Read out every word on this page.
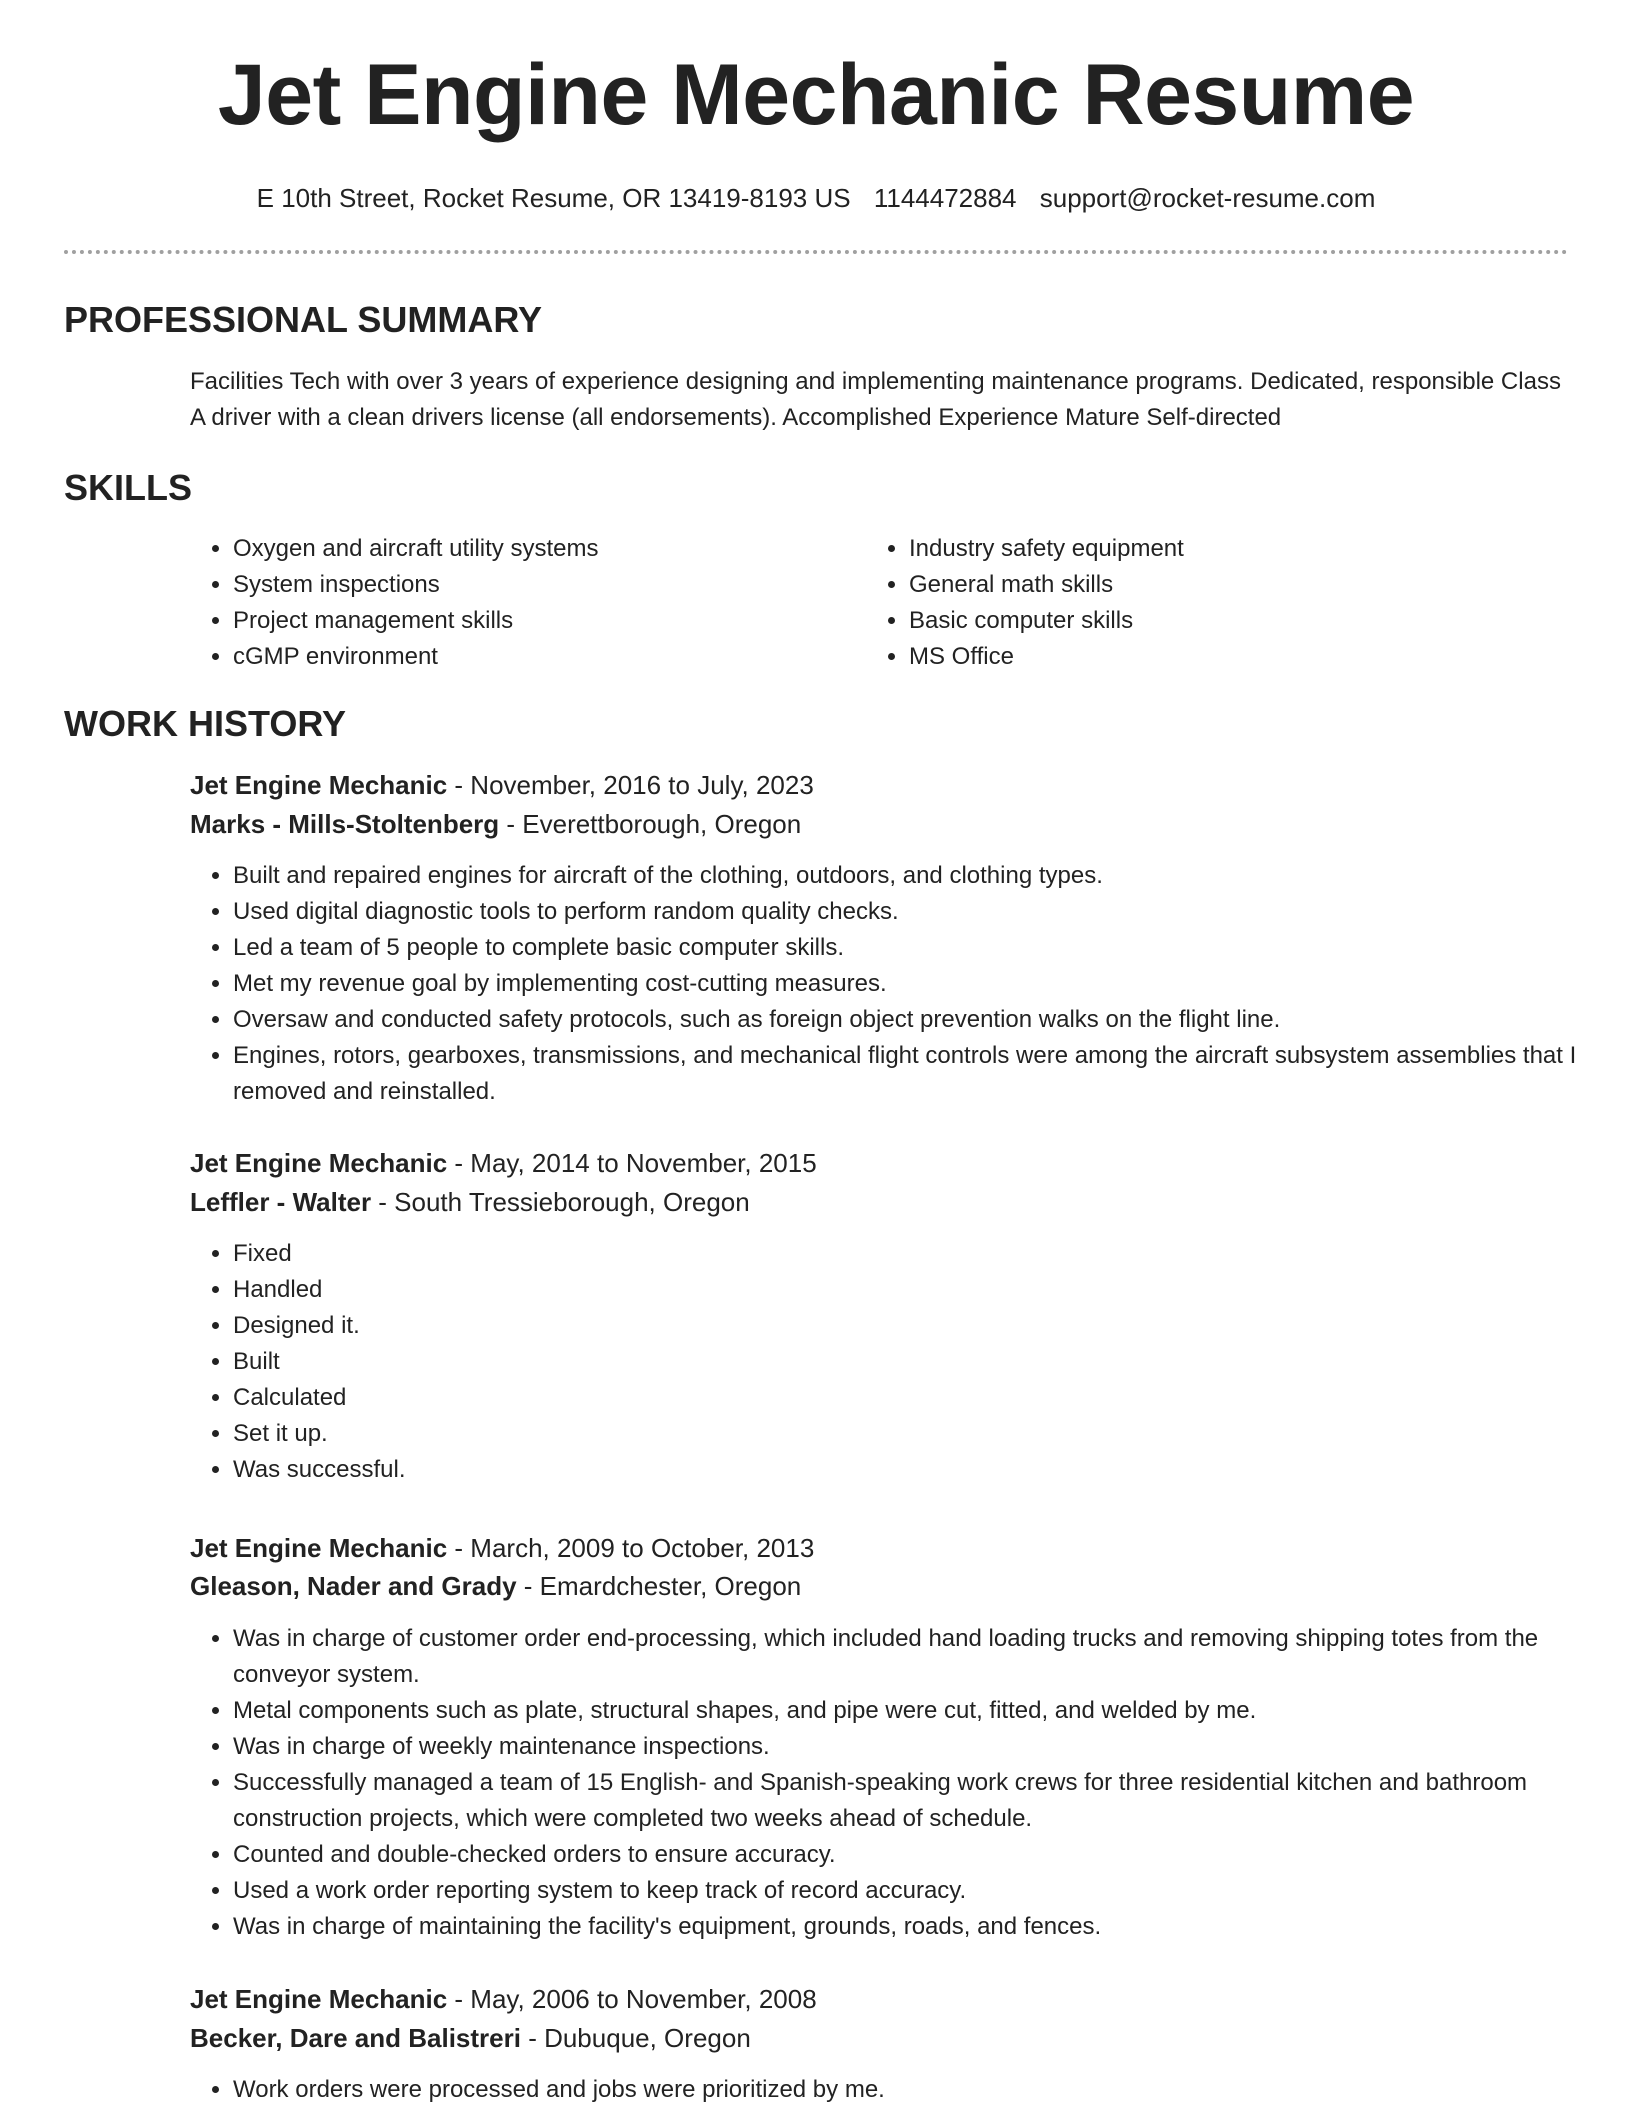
Jet Engine Mechanic Resume
E 10th Street, Rocket Resume, OR 13419-8193 US 1144472884 support@rocket-resume.com
PROFESSIONAL SUMMARY

Facilities Tech with over 3 years of experience designing and implementing maintenance programs. Dedicated, responsible Class A driver with a clean drivers license (all endorsements). Accomplished Experience Mature Self-directed

SKILLS
• Oxygen and aircraft utility systems
• System inspections
• Project management skills
• cGMP environment
• Industry safety equipment
• General math skills
• Basic computer skills
• MS Office
WORK HISTORY

Jet Engine Mechanic - November, 2016 to July, 2023

Marks - Mills-Stoltenberg - Everettborough, Oregon

• Built and repaired engines for aircraft of the clothing, outdoors, and clothing types.
• Used digital diagnostic tools to perform random quality checks.
• Led a team of 5 people to complete basic computer skills.
• Met my revenue goal by implementing cost-cutting measures.
• Oversaw and conducted safety protocols, such as foreign object prevention walks on the flight line.
• Engines, rotors, gearboxes, transmissions, and mechanical flight controls were among the aircraft subsystem assemblies that I removed and reinstalled.

Jet Engine Mechanic - May, 2014 to November, 2015

Leffler - Walter - South Tressieborough, Oregon

• Fixed
• Handled
• Designed it.
• Built
• Calculated
• Set it up.
• Was successful.

Jet Engine Mechanic - March, 2009 to October, 2013

Gleason, Nader and Grady - Emardchester, Oregon

• Was in charge of customer order end-processing, which included hand loading trucks and removing shipping totes from the conveyor system.
• Metal components such as plate, structural shapes, and pipe were cut, fitted, and welded by me.
• Was in charge of weekly maintenance inspections.
• Successfully managed a team of 15 English- and Spanish-speaking work crews for three residential kitchen and bathroom construction projects, which were completed two weeks ahead of schedule.
• Counted and double-checked orders to ensure accuracy.
• Used a work order reporting system to keep track of record accuracy.
• Was in charge of maintaining the facility's equipment, grounds, roads, and fences.

Jet Engine Mechanic - May, 2006 to November, 2008

Becker, Dare and Balistreri - Dubuque, Oregon

• Work orders were processed and jobs were prioritized by me.
